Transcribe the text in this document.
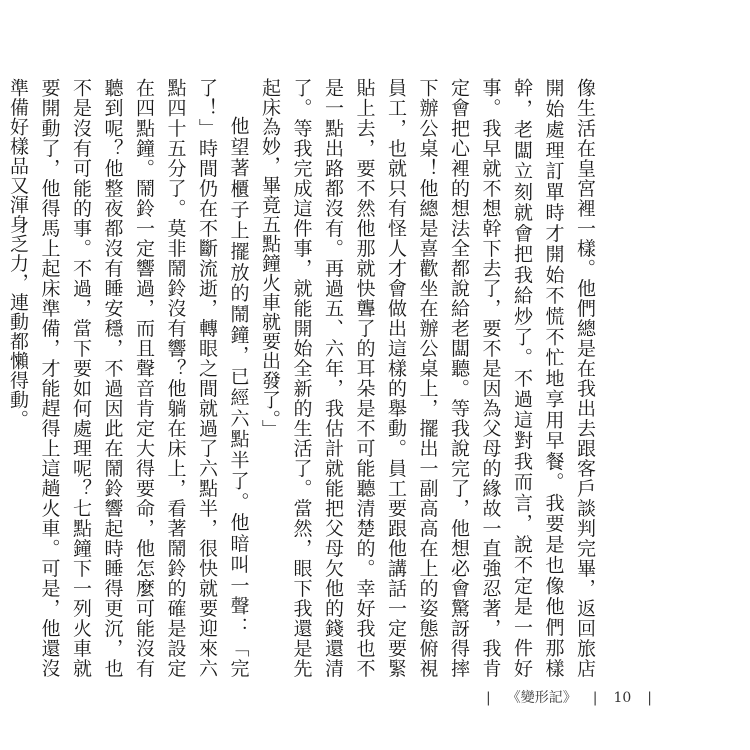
像生活在皇宮裡一樣。他們總是在我出去跟客戶談判完畢，返回旅店開始處理訂單時才開始不慌不忙地享用早餐。我要是也像他們那樣幹，老闆立刻就會把我給炒了。不過這對我而言，說不定是一件好事。我早就不想幹下去了，要不是因為父母的緣故一直強忍著，我肯定會把心裡的想法全都說給老闆聽。等我說完了，他想必會驚訝得摔下辦公桌！他總是喜歡坐在辦公桌上，擺出一副高高在上的姿態俯視員工，也就只有怪人才會做出這樣的舉動。員工要跟他講話一定要緊貼上去，要不然他那就快聾了的耳朵是不可能聽清楚的。幸好我也不是一點出路都沒有。再過五、六年，我估計就能把父母欠他的錢還清了。等我完成這件事，就能開始全新的生活了。當然，眼下我還是先起床為妙，畢竟五點鐘火車就要出發了。」

他望著櫃子上擺放的鬧鐘，已經六點半了。他暗叫一聲：「完了！」時間仍在不斷流逝，轉眼之間就過了六點半，很快就要迎來六點四十五分了。莫非鬧鈴沒有響？他躺在床上，看著鬧鈴的確是設定在四點鐘。鬧鈴一定響過，而且聲音肯定大得要命，他怎麼可能沒有聽到呢？他整夜都沒有睡安穩，不過因此在鬧鈴響起時睡得更沉，也不是沒有可能的事。不過，當下要如何處理呢？七點鐘下一列火車就要開動了，他得馬上起床準備，才能趕得上這趟火車。可是，他還沒準備好樣品又渾身乏力，連動都懶得動。

| 《變形記》 | 10 |
